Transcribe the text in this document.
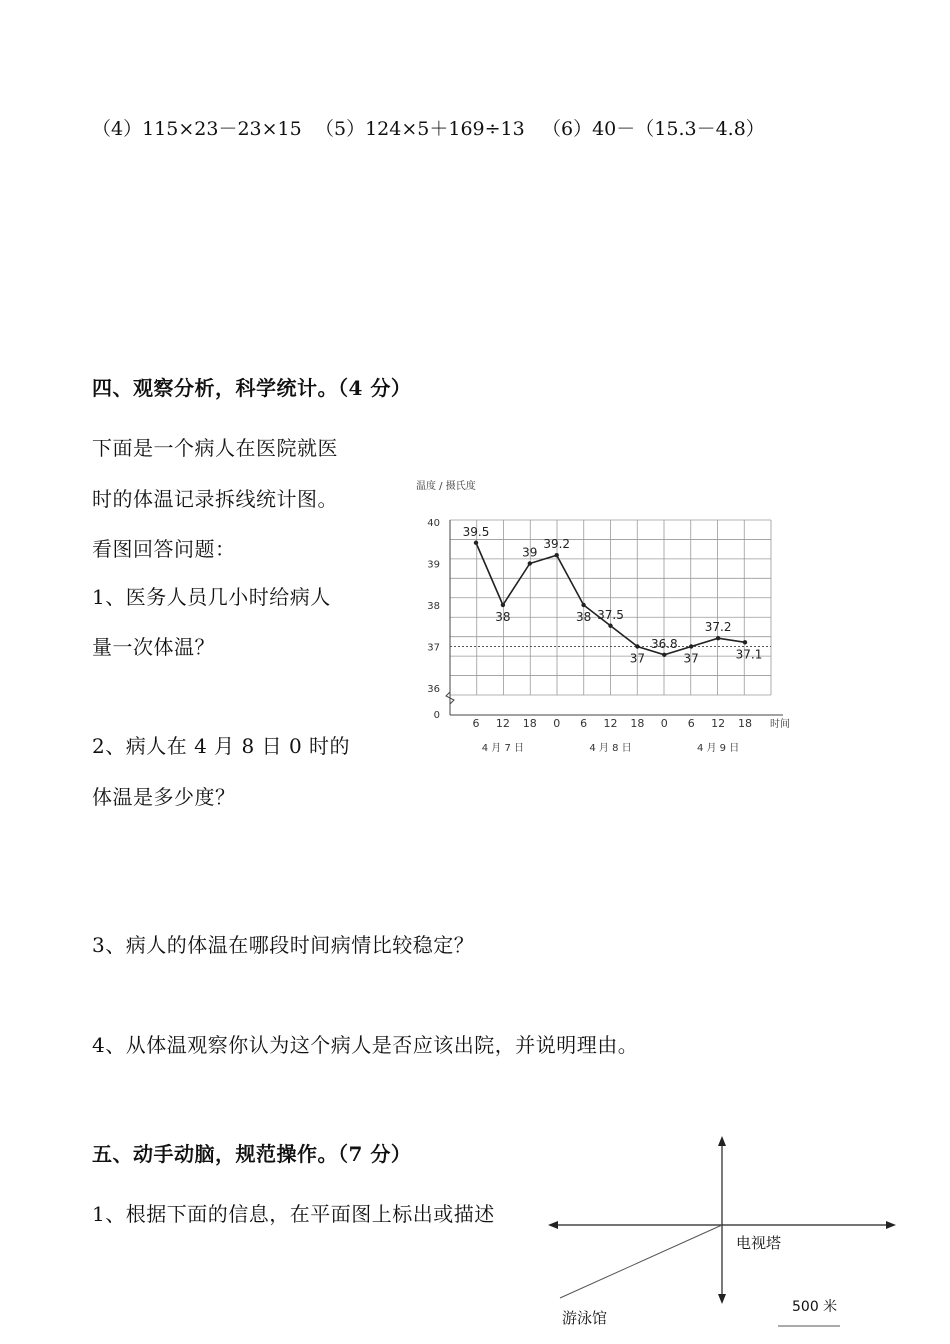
（4）115×23－23×15 （5）124×5＋169÷13 （6）40－（15.3－4.8）
四、观察分析，科学统计。（4 分）
下面是一个病人在医院就医
时的体温记录拆线统计图。
看图回答问题：
1、医务人员几小时给病人
量一次体温？
2、病人在 4 月 8 日 0 时的
体温是多少度？
3、病人的体温在哪段时间病情比较稳定？
4、从体温观察你认为这个病人是否应该出院，并说明理由。
温度 / 摄氏度
时间
40
39
38
37
36
0
6 12 18 0 6 12 18 0 6 12 18
4 月 7 日	4 月 8 日	4 月 9 日
39.5
38
39
39.2
38 37.5
37
36.8
37
37.2
37.1
五、动手动脑，规范操作。（7 分）
1、根据下面的信息，在平面图上标出或描述
电视塔
500 米
游泳馆
